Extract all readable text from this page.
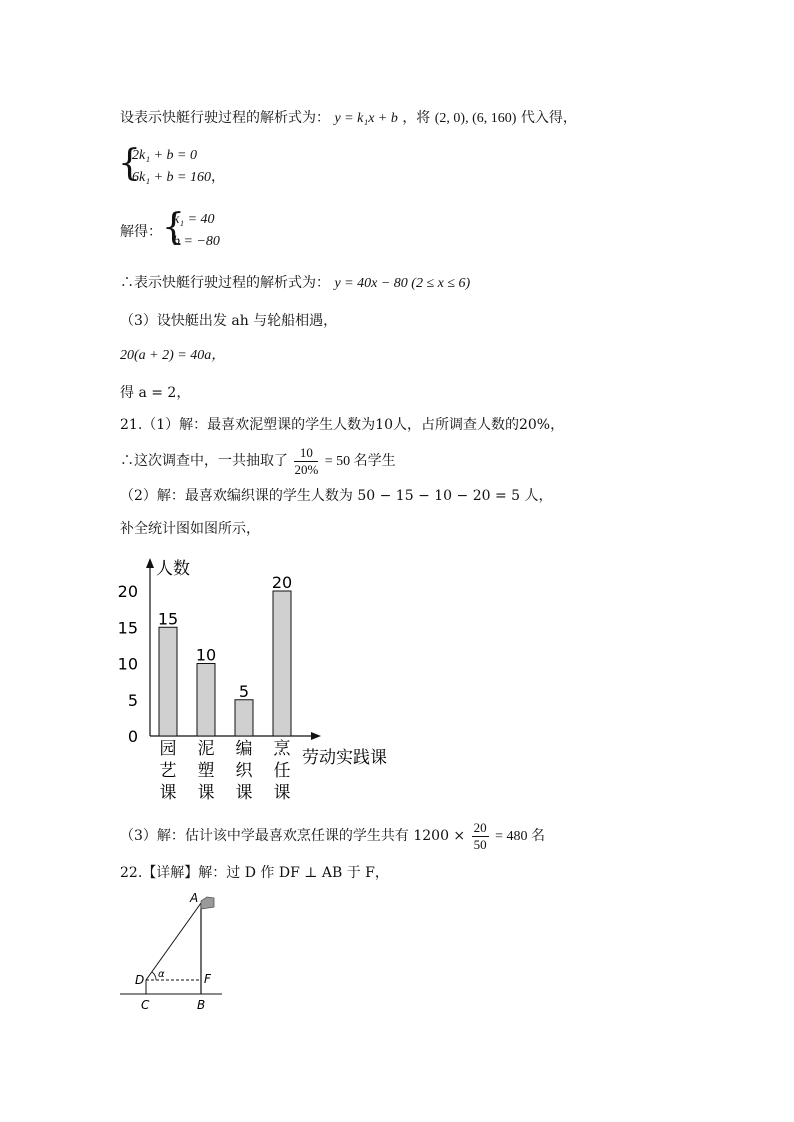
设表示快艇行驶过程的解析式为： y = k₁x + b ，将 (2, 0), (6, 160) 代入得，
{
2k₁ + b = 0
6k₁ + b = 160，
解得： {
k₁ = 40
b = −80
∴表示快艇行驶过程的解析式为： y = 40x − 80 (2 ≤ x ≤ 6)
（3）设快艇出发 ah 与轮船相遇，
20(a + 2) = 40a，
得 a = 2，
21.（1）解：最喜欢泥塑课的学生人数为10人，占所调查人数的20%，
∴这次调查中，一共抽取了 $\frac{10}{20\%} = 50$ 名学生
（2）解：最喜欢编织课的学生人数为 50 − 15 − 10 − 20 = 5 人，
补全统计图如图所示，
人数
劳动实践课
0
5
10
15
20
15
园
艺
课
10
泥
塑
课
5
编
织
课
20
烹
任
课
（3）解：估计该中学最喜欢烹任课的学生共有 $1200 \times \frac{20}{50} = 480$ 名
22.【详解】解：过 D 作 DF ⊥ AB 于 F，
A
D α	F
C	B
